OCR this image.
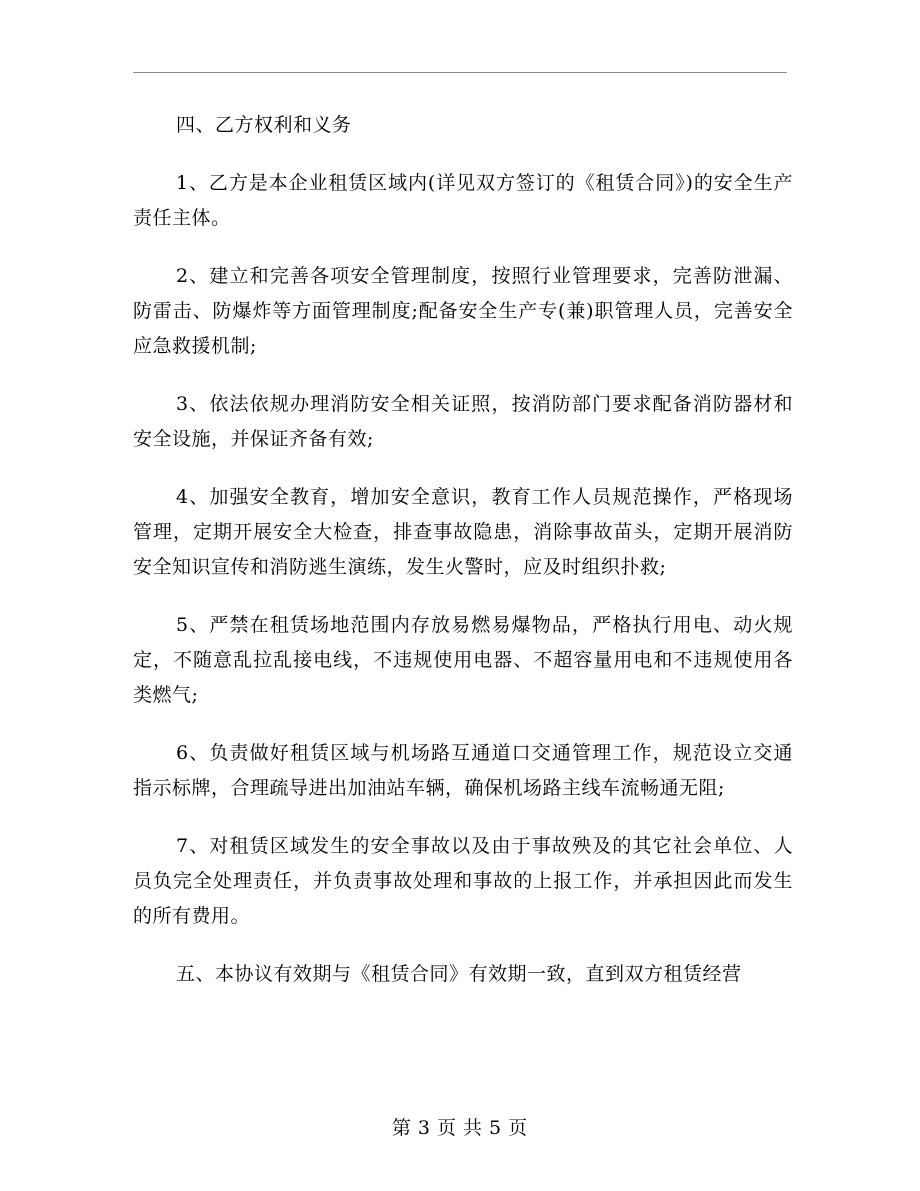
四、乙方权利和义务

1、乙方是本企业租赁区域内(详见双方签订的《租赁合同》)的安全生产责任主体。

2、建立和完善各项安全管理制度，按照行业管理要求，完善防泄漏、防雷击、防爆炸等方面管理制度;配备安全生产专(兼)职管理人员，完善安全应急救援机制;

3、依法依规办理消防安全相关证照，按消防部门要求配备消防器材和安全设施，并保证齐备有效;

4、加强安全教育，增加安全意识，教育工作人员规范操作，严格现场管理，定期开展安全大检查，排查事故隐患，消除事故苗头，定期开展消防安全知识宣传和消防逃生演练，发生火警时，应及时组织扑救;

5、严禁在租赁场地范围内存放易燃易爆物品，严格执行用电、动火规定，不随意乱拉乱接电线，不违规使用电器、不超容量用电和不违规使用各类燃气;

6、负责做好租赁区域与机场路互通道口交通管理工作，规范设立交通指示标牌，合理疏导进出加油站车辆，确保机场路主线车流畅通无阻;

7、对租赁区域发生的安全事故以及由于事故殃及的其它社会单位、人员负完全处理责任，并负责事故处理和事故的上报工作，并承担因此而发生的所有费用。

五、本协议有效期与《租赁合同》有效期一致，直到双方租赁经营

第 3 页 共 5 页
